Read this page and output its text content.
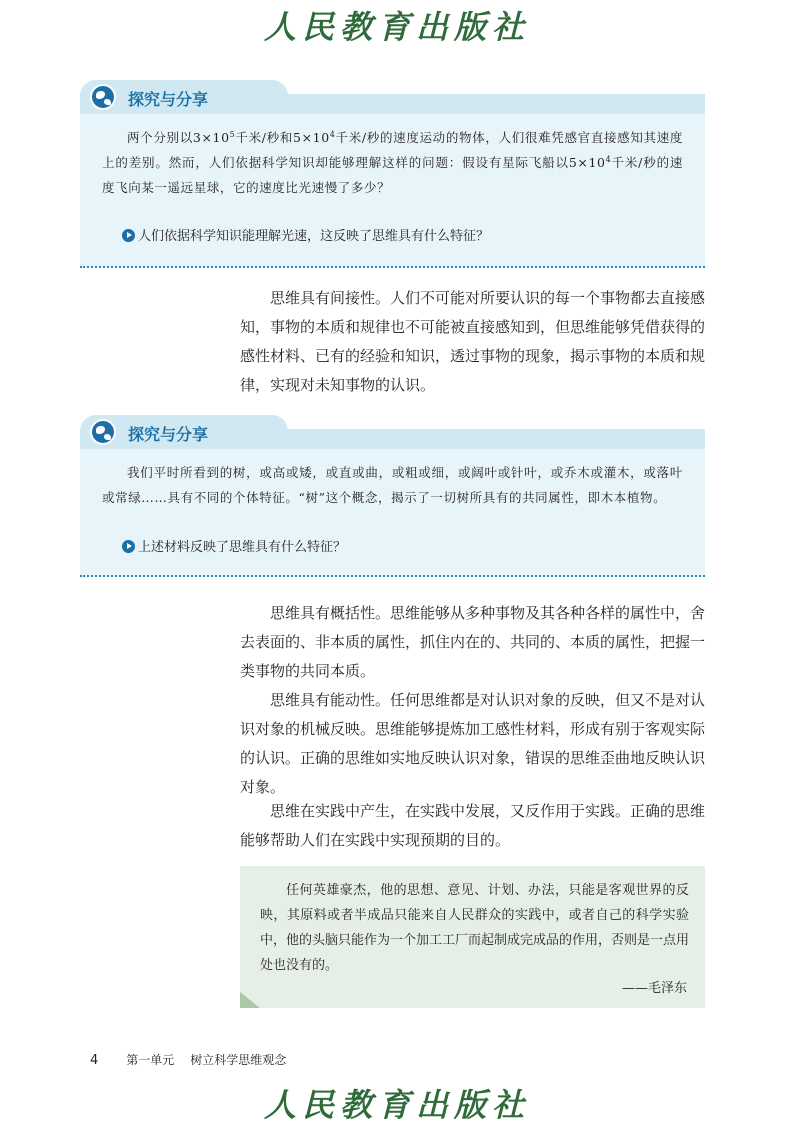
人民教育出版社
探究与分享

两个分别以$3\times 10^5$千米/秒和$5\times 10^4$千米/秒的速度运动的物体，人们很难凭感官直接感知其速度上的差别。然而，人们依据科学知识却能够理解这样的问题：假设有星际飞船以$5\times 10^4$千米/秒的速度飞向某一遥远星球，它的速度比光速慢了多少？

人们依据科学知识能理解光速，这反映了思维具有什么特征？

思维具有间接性。人们不可能对所要认识的每一个事物都去直接感知，事物的本质和规律也不可能被直接感知到，但思维能够凭借获得的感性材料、已有的经验和知识，透过事物的现象，揭示事物的本质和规律，实现对未知事物的认识。

探究与分享

我们平时所看到的树，或高或矮，或直或曲，或粗或细，或阔叶或针叶，或乔木或灌木，或落叶或常绿……具有不同的个体特征。“树”这个概念，揭示了一切树所具有的共同属性，即木本植物。

上述材料反映了思维具有什么特征？

思维具有概括性。思维能够从多种事物及其各种各样的属性中，舍去表面的、非本质的属性，抓住内在的、共同的、本质的属性，把握一类事物的共同本质。

思维具有能动性。任何思维都是对认识对象的反映，但又不是对认识对象的机械反映。思维能够提炼加工感性材料，形成有别于客观实际的认识。正确的思维如实地反映认识对象，错误的思维歪曲地反映认识对象。

思维在实践中产生，在实践中发展，又反作用于实践。正确的思维能够帮助人们在实践中实现预期的目的。

任何英雄豪杰，他的思想、意见、计划、办法，只能是客观世界的反映，其原料或者半成品只能来自人民群众的实践中，或者自己的科学实验中，他的头脑只能作为一个加工工厂而起制成完成品的作用，否则是一点用处也没有的。

——毛泽东
4 第一单元 树立科学思维观念
人民教育出版社
